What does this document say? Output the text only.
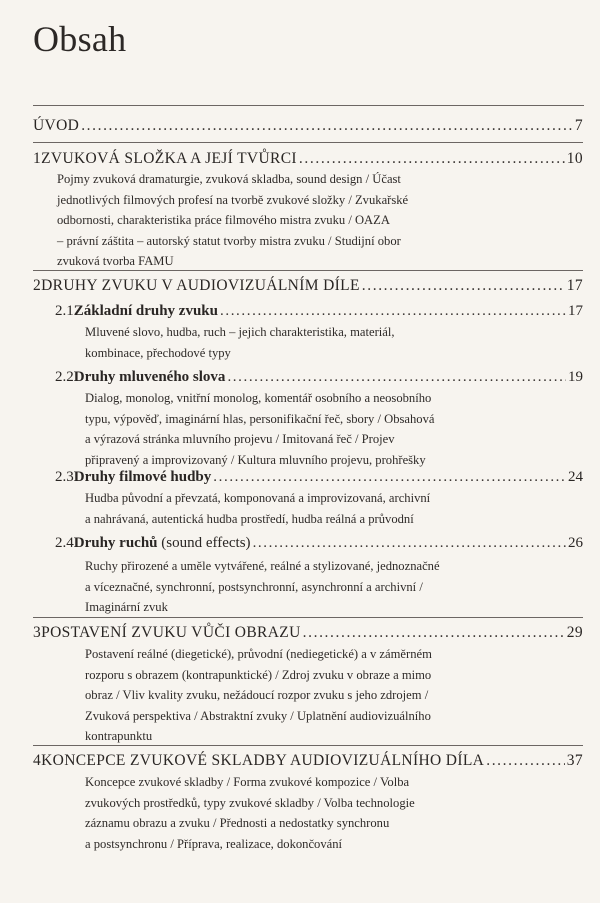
Obsah
ÚVOD .....	7
1 ZVUKOVÁ SLOŽKA A JEJÍ TVŮRCI .....	10
Pojmy zvuková dramaturgie, zvuková skladba, sound design / Účast
jednotlivých filmových profesí na tvorbě zvukové složky / Zvukařské
odbornosti, charakteristika práce filmového mistra zvuku / OAZA
– právní záštita – autorský statut tvorby mistra zvuku / Studijní obor
zvuková tvorba FAMU
2 DRUHY ZVUKU V AUDIOVIZUÁLNÍM DÍLE .....	17
2.1 Základní druhy zvuku .....	17
Mluvené slovo, hudba, ruch – jejich charakteristika, materiál,
kombinace, přechodové typy
2.2 Druhy mluveného slova .....	19
Dialog, monolog, vnitřní monolog, komentář osobního a neosobního
typu, výpověď, imaginární hlas, personifikační řeč, sbory / Obsahová
a výrazová stránka mluvního projevu / Imitovaná řeč / Projev
připravený a improvizovaný / Kultura mluvního projevu, prohřešky
2.3 Druhy filmové hudby .....	24
Hudba původní a převzatá, komponovaná a improvizovaná, archivní
a nahrávaná, autentická hudba prostředí, hudba reálná a průvodní
2.4 Druhy ruchů (sound effects) .....	26
Ruchy přirozené a uměle vytvářené, reálné a stylizované, jednoznačné
a víceznačné, synchronní, postsynchronní, asynchronní a archivní /
Imaginární zvuk
3 POSTAVENÍ ZVUKU VŮČI OBRAZU .....	29
Postavení reálné (diegetické), průvodní (nediegetické) a v záměrném
rozporu s obrazem (kontrapunktické) / Zdroj zvuku v obraze a mimo
obraz / Vliv kvality zvuku, nežádoucí rozpor zvuku s jeho zdrojem /
Zvuková perspektiva / Abstraktní zvuky / Uplatnění audiovizuálního
kontrapunktu
4 KONCEPCE ZVUKOVÉ SKLADBY AUDIOVIZUÁLNÍHO DÍLA .....	37
Koncepce zvukové skladby / Forma zvukové kompozice / Volba
zvukových prostředků, typy zvukové skladby / Volba technologie
záznamu obrazu a zvuku / Přednosti a nedostatky synchronu
a postsynchronu / Příprava, realizace, dokončování
